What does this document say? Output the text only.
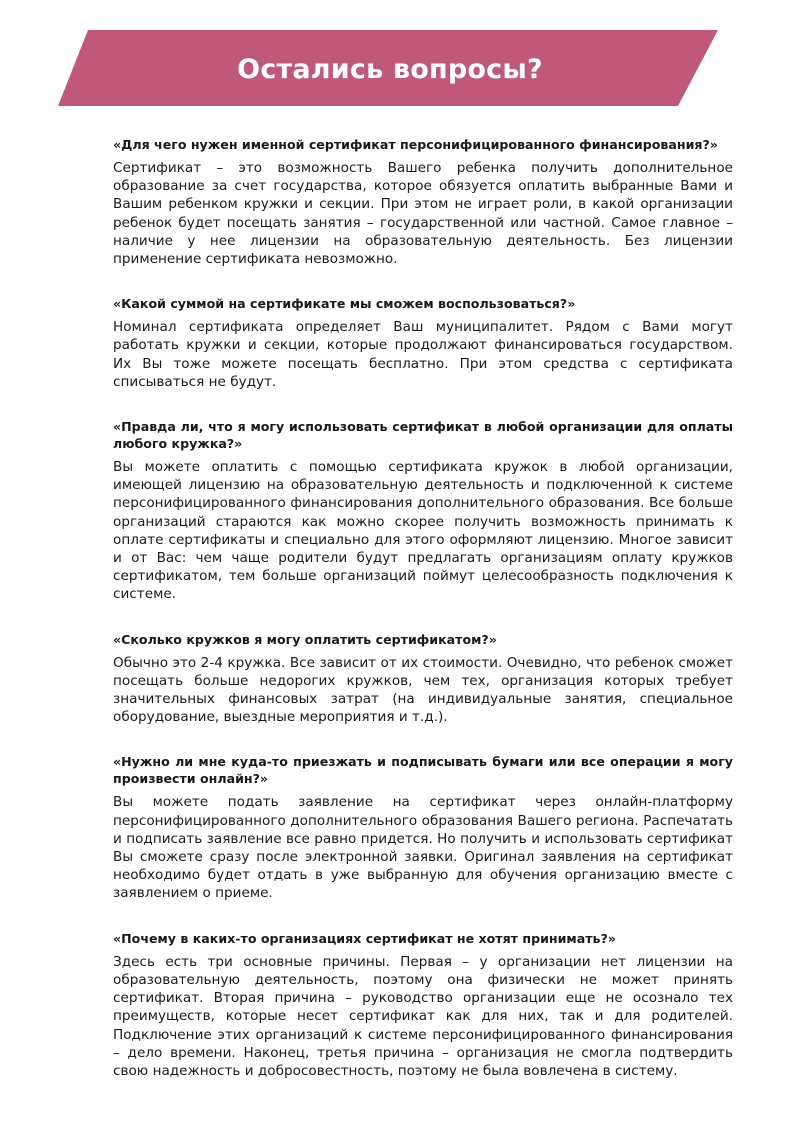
Остались вопросы?
«Для чего нужен именной сертификат персонифицированного финансирования?»

Сертификат – это возможность Вашего ребенка получить дополнительное образование за счет государства, которое обязуется оплатить выбранные Вами и Вашим ребенком кружки и секции. При этом не играет роли, в какой организации ребенок будет посещать занятия – государственной или частной. Самое главное – наличие у нее лицензии на образовательную деятельность. Без лицензии применение сертификата невозможно.

«Какой суммой на сертификате мы сможем воспользоваться?»

Номинал сертификата определяет Ваш муниципалитет. Рядом с Вами могут работать кружки и секции, которые продолжают финансироваться государством. Их Вы тоже можете посещать бесплатно. При этом средства с сертификата списываться не будут.

«Правда ли, что я могу использовать сертификат в любой организации для оплаты любого кружка?»

Вы можете оплатить с помощью сертификата кружок в любой организации, имеющей лицензию на образовательную деятельность и подключенной к системе персонифицированного финансирования дополнительного образования. Все больше организаций стараются как можно скорее получить возможность принимать к оплате сертификаты и специально для этого оформляют лицензию. Многое зависит и от Вас: чем чаще родители будут предлагать организациям оплату кружков сертификатом, тем больше организаций поймут целесообразность подключения к системе.

«Сколько кружков я могу оплатить сертификатом?»

Обычно это 2-4 кружка. Все зависит от их стоимости. Очевидно, что ребенок сможет посещать больше недорогих кружков, чем тех, организация которых требует значительных финансовых затрат (на индивидуальные занятия, специальное оборудование, выездные мероприятия и т.д.).

«Нужно ли мне куда-то приезжать и подписывать бумаги или все операции я могу произвести онлайн?»

Вы можете подать заявление на сертификат через онлайн-платформу персонифицированного дополнительного образования Вашего региона. Распечатать и подписать заявление все равно придется. Но получить и использовать сертификат Вы сможете сразу после электронной заявки. Оригинал заявления на сертификат необходимо будет отдать в уже выбранную для обучения организацию вместе с заявлением о приеме.

«Почему в каких-то организациях сертификат не хотят принимать?»

Здесь есть три основные причины. Первая – у организации нет лицензии на образовательную деятельность, поэтому она физически не может принять сертификат. Вторая причина – руководство организации еще не осознало тех преимуществ, которые несет сертификат как для них, так и для родителей. Подключение этих организаций к системе персонифицированного финансирования – дело времени. Наконец, третья причина – организация не смогла подтвердить свою надежность и добросовестность, поэтому не была вовлечена в систему.
